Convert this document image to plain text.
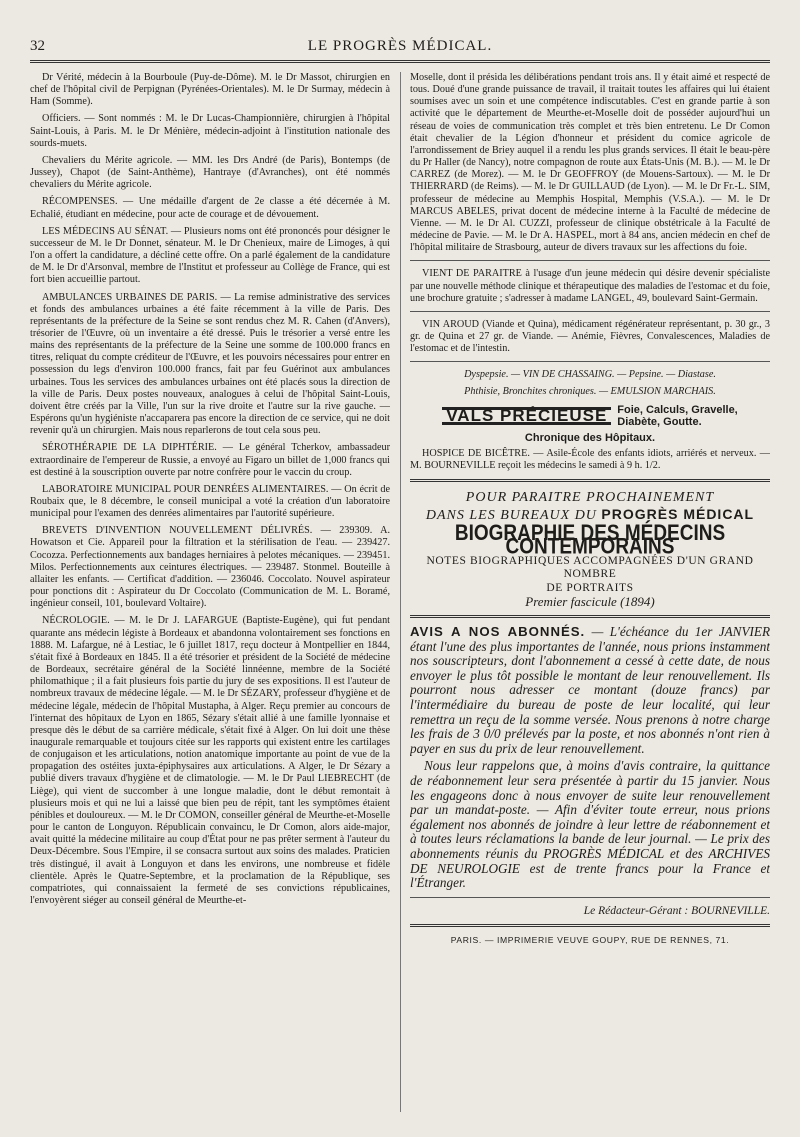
32	LE PROGRÈS MÉDICAL.

Dr Vérité, médecin à la Bourboule (Puy-de-Dôme). M. le Dr Massot, chirurgien en chef de l'hôpital civil de Perpignan (Pyrénées-Orientales). M. le Dr Surmay, médecin à Ham (Somme).

Officiers. — Sont nommés : M. le Dr Lucas-Championnière, chirurgien à l'hôpital Saint-Louis, à Paris. M. le Dr Ménière, médecin-adjoint à l'institution nationale des sourds-muets.

Chevaliers du Mérite agricole. — MM. les Drs André (de Paris), Bontemps (de Jussey), Chapot (de Saint-Anthème), Hantraye (d'Avranches), ont été nommés chevaliers du Mérite agricole.

RÉCOMPENSES. — Une médaille d'argent de 2e classe a été décernée à M. Echalié, étudiant en médecine, pour acte de courage et de dévouement.

LES MÉDECINS AU SÉNAT. — Plusieurs noms ont été prononcés pour désigner le successeur de M. le Dr Donnet, sénateur. M. le Dr Chenieux, maire de Limoges, à qui l'on a offert la candidature, a décliné cette offre. On a parlé également de la candidature de M. le Dr d'Arsonval, membre de l'Institut et professeur au Collège de France, qui est fort bien accueillie partout.

AMBULANCES URBAINES DE PARIS. — La remise administrative des services et fonds des ambulances urbaines a été faite récemment à la ville de Paris. Des représentants de la préfecture de la Seine se sont rendus chez M. R. Cahen (d'Anvers), trésorier de l'Œuvre, où un inventaire a été dressé. Puis le trésorier a versé entre les mains des représentants de la préfecture de la Seine une somme de 100.000 francs en titres, reliquat du compte créditeur de l'Œuvre, et les pouvoirs nécessaires pour entrer en possession du legs d'environ 100.000 francs, fait par feu Guérinot aux ambulances urbaines. Tous les services des ambulances urbaines ont été placés sous la direction de la ville de Paris. Deux postes nouveaux, analogues à celui de l'hôpital Saint-Louis, doivent être créés par la Ville, l'un sur la rive droite et l'autre sur la rive gauche. — Espérons qu'un hygiéniste n'accaparera pas encore la direction de ce service, qui ne doit revenir qu'à un chirurgien. Mais nous reparlerons de tout cela sous peu.

SÉROTHÉRAPIE DE LA DIPHTÉRIE. — Le général Tcherkov, ambassadeur extraordinaire de l'empereur de Russie, a envoyé au Figaro un billet de 1,000 francs qui est destiné à la souscription ouverte par notre confrère pour le vaccin du croup.

LABORATOIRE MUNICIPAL POUR DENRÉES ALIMENTAIRES. — On écrit de Roubaix que, le 8 décembre, le conseil municipal a voté la création d'un laboratoire municipal pour l'examen des denrées alimentaires par l'autorité supérieure.

BREVETS D'INVENTION NOUVELLEMENT DÉLIVRÉS. — 239309. A. Howatson et Cie. Appareil pour la filtration et la stérilisation de l'eau. — 239427. Cocozza. Perfectionnements aux bandages herniaires à pelotes mécaniques. — 239451. Milos. Perfectionnements aux ceintures électriques. — 239487. Stonmel. Bouteille à allaiter les enfants. — Certificat d'addition. — 236046. Coccolato. Nouvel aspirateur pour ponctions dit : Aspirateur du Dr Coccolato (Communication de M. L. Boramé, ingénieur conseil, 101, boulevard Voltaire).

NÉCROLOGIE. — M. le Dr J. LAFARGUE (Baptiste-Eugène), qui fut pendant quarante ans médecin légiste à Bordeaux et abandonna volontairement ses fonctions en 1888. M. Lafargue, né à Lestiac, le 6 juillet 1817, reçu docteur à Montpellier en 1844, s'était fixé à Bordeaux en 1845. Il a été trésorier et président de la Société de médecine de Bordeaux, secrétaire général de la Société linnéenne, membre de la Société philomathique ; il a fait plusieurs fois partie du jury de ses expositions. Il est l'auteur de nombreux travaux de médecine légale. — M. le Dr SÉZARY, professeur d'hygiène et de médecine légale, médecin de l'hôpital Mustapha, à Alger. Reçu premier au concours de l'internat des hôpitaux de Lyon en 1865, Sézary s'était allié à une famille lyonnaise et presque dès le début de sa carrière médicale, s'était fixé à Alger. On lui doit une thèse inaugurale remarquable et toujours citée sur les rapports qui existent entre les cartilages de conjugaison et les articulations, notion anatomique importante au point de vue de la propagation des ostéites juxta-épiphysaires aux articulations. A Alger, le Dr Sézary a publié divers travaux d'hygiène et de climatologie. — M. le Dr Paul LIEBRECHT (de Liège), qui vient de succomber à une longue maladie, dont le début remontait à plusieurs mois et qui ne lui a laissé que bien peu de répit, tant les symptômes étaient pénibles et douloureux. — M. le Dr COMON, conseiller général de Meurthe-et-Moselle pour le canton de Longuyon. Républicain convaincu, le Dr Comon, alors aide-major, avait quitté la médecine militaire au coup d'État pour ne pas prêter serment à l'auteur du Deux-Décembre. Sous l'Empire, il se consacra surtout aux soins des malades. Praticien très distingué, il avait à Longuyon et dans les environs, une nombreuse et fidèle clientèle. Après le Quatre-Septembre, et la proclamation de la République, ses compatriotes, qui connaissaient la fermeté de ses convictions républicaines, l'envoyèrent siéger au conseil général de Meurthe-et-

Moselle, dont il présida les délibérations pendant trois ans. Il y était aimé et respecté de tous. Doué d'une grande puissance de travail, il traitait toutes les affaires qui lui étaient soumises avec un soin et une compétence indiscutables. C'est en grande partie à son activité que le département de Meurthe-et-Moselle doit de posséder aujourd'hui un réseau de voies de communication très complet et très bien entretenu. Le Dr Comon était chevalier de la Légion d'honneur et président du comice agricole de l'arrondissement de Briey auquel il a rendu les plus grands services. Il était le beau-père du Pr Haller (de Nancy), notre compagnon de route aux États-Unis (M. B.). — M. le Dr CARREZ (de Morez). — M. le Dr GEOFFROY (de Mouens-Sartoux). — M. le Dr THIERRARD (de Reims). — M. le Dr GUILLAUD (de Lyon). — M. le Dr Fr.-L. SIM, professeur de médecine au Memphis Hospital, Memphis (V.S.A.). — M. le Dr MARCUS ABELES, privat docent de médecine interne à la Faculté de médecine de Vienne. — M. le Dr Al. CUZZI, professeur de clinique obstétricale à la Faculté de médecine de Pavie. — M. le Dr A. HASPEL, mort à 84 ans, ancien médecin en chef de l'hôpital militaire de Strasbourg, auteur de divers travaux sur les affections du foie.

VIENT DE PARAITRE à l'usage d'un jeune médecin qui désire devenir spécialiste par une nouvelle méthode clinique et thérapeutique des maladies de l'estomac et du foie, une brochure gratuite ; s'adresser à madame LANGEL, 49, boulevard Saint-Germain.

VIN AROUD (Viande et Quina), médicament régénérateur représentant, p. 30 gr., 3 gr. de Quina et 27 gr. de Viande. — Anémie, Fièvres, Convalescences, Maladies de l'estomac et de l'intestin.

Dyspepsie. — VIN DE CHASSAING. — Pepsine. — Diastase.

Phthisie, Bronchites chroniques. — EMULSION MARCHAIS.

VALS PRÉCIEUSE Foie, Calculs, Gravelle,
Diabète, Goutte.
Chronique des Hôpitaux.

HOSPICE DE BICÊTRE. — Asile-École des enfants idiots, arriérés et nerveux. — M. BOURNEVILLE reçoit les médecins le samedi à 9 h. 1/2.

POUR PARAITRE PROCHAINEMENT
DANS LES BUREAUX DU PROGRÈS MÉDICAL
BIOGRAPHIE DES MÉDECINS CONTEMPORAINS
NOTES BIOGRAPHIQUES ACCOMPAGNÉES D'UN GRAND NOMBRE
DE PORTRAITS
Premier fascicule (1894)

AVIS A NOS ABONNÉS. — L'échéance du 1er JANVIER étant l'une des plus importantes de l'année, nous prions instamment nos souscripteurs, dont l'abonnement a cessé à cette date, de nous envoyer le plus tôt possible le montant de leur renouvellement. Ils pourront nous adresser ce montant (douze francs) par l'intermédiaire du bureau de poste de leur localité, qui leur remettra un reçu de la somme versée. Nous prenons à notre charge les frais de 3 0/0 prélevés par la poste, et nos abonnés n'ont rien à payer en sus du prix de leur renouvellement.

Nous leur rappelons que, à moins d'avis contraire, la quittance de réabonnement leur sera présentée à partir du 15 janvier. Nous les engageons donc à nous envoyer de suite leur renouvellement par un mandat-poste. — Afin d'éviter toute erreur, nous prions également nos abonnés de joindre à leur lettre de réabonnement et à toutes leurs réclamations la bande de leur journal. — Le prix des abonnements réunis du PROGRÈS MÉDICAL et des ARCHIVES DE NEUROLOGIE est de trente francs pour la France et l'Étranger.

Le Rédacteur-Gérant : BOURNEVILLE.
PARIS. — IMPRIMERIE VEUVE GOUPY, RUE DE RENNES, 71.
